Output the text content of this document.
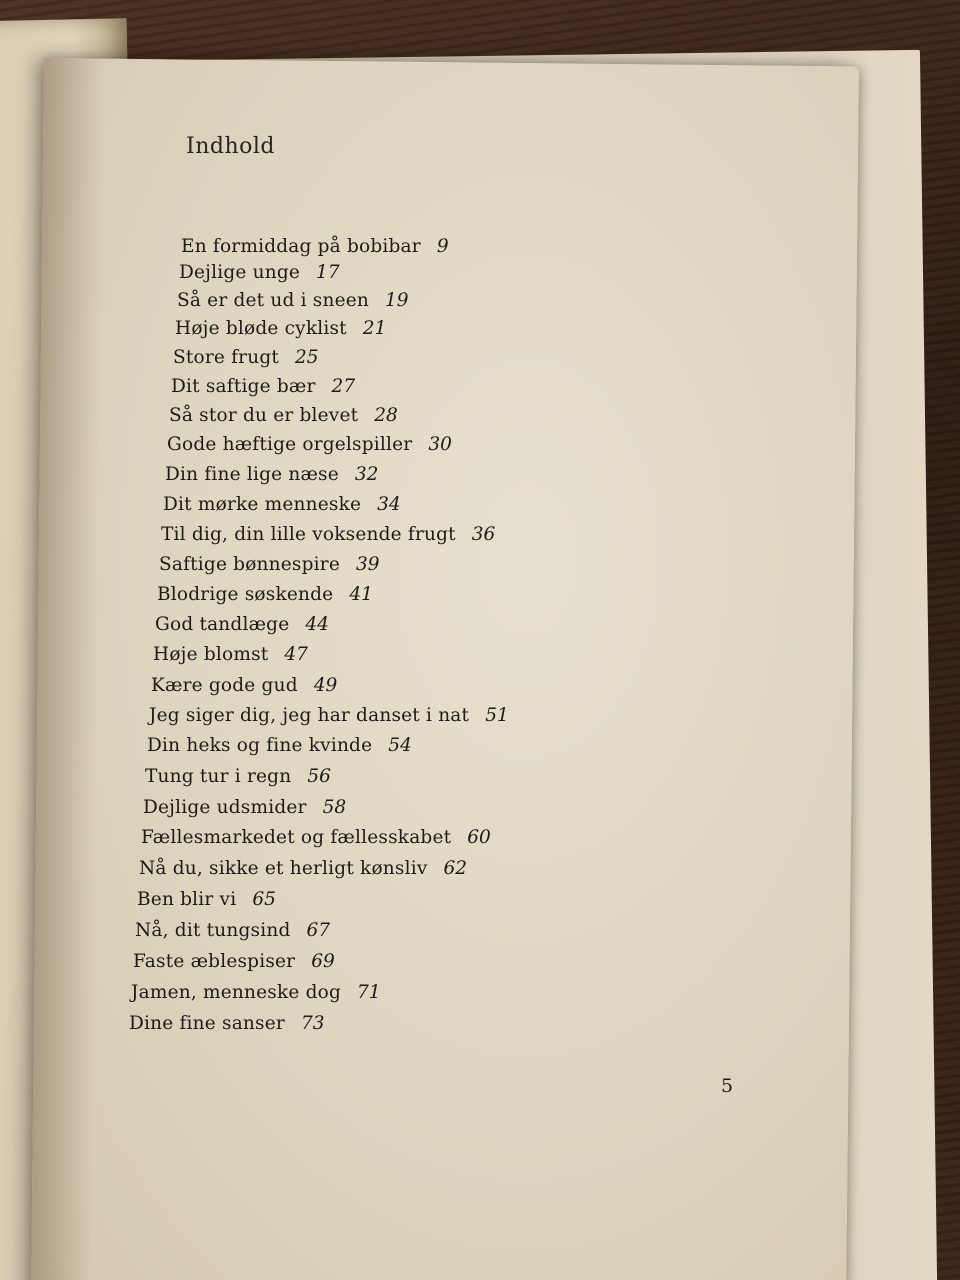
Indhold
En formiddag på bobibar 9
Dejlige unge 17
Så er det ud i sneen 19
Høje bløde cyklist 21
Store frugt 25
Dit saftige bær 27
Så stor du er blevet 28
Gode hæftige orgelspiller 30
Din fine lige næse 32
Dit mørke menneske 34
Til dig, din lille voksende frugt 36
Saftige bønnespire 39
Blodrige søskende 41
God tandlæge 44
Høje blomst 47
Kære gode gud 49
Jeg siger dig, jeg har danset i nat 51
Din heks og fine kvinde 54
Tung tur i regn 56
Dejlige udsmider 58
Fællesmarkedet og fællesskabet 60
Nå du, sikke et herligt kønsliv 62
Ben blir vi 65
Nå, dit tungsind 67
Faste æblespiser 69
Jamen, menneske dog 71
Dine fine sanser 73
5
